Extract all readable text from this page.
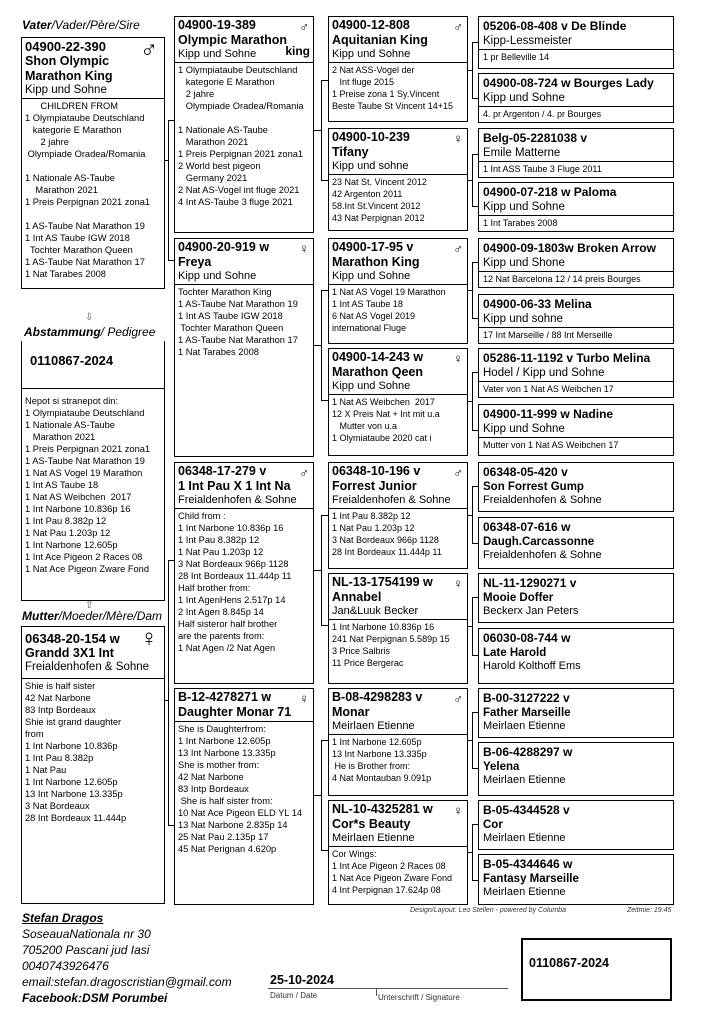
Vater/Vader/Père/Sire
Abstammung/ Pedigree
Mutter/Moeder/Mère/Dam
04900-22-390
Shon Olympic Marathon King
Kipp und Sohne
♂
CHILDREN FROM
1 Olympiataube Deutschland
kategorie E Marathon
2 jahre
Olympiade Oradea/Romania

1 Nationale AS-Taube
Marathon 2021
1 Preis Perpignan 2021 zona1

1 AS-Taube Nat Marathon 19
1 Int AS Taube IGW 2018
Tochter Marathon Queen
1 AS-Taube Nat Marathon 17
1 Nat Tarabes 2008
0110867-2024
Nepot si stranepot din:
1 Olympiataube Deutschland
1 Nationale AS-Taube
Marathon 2021
1 Preis Perpignan 2021 zona1
1 AS-Taube Nat Marathon 19
1 Nat AS Vogel 19 Marathon
1 Int AS Taube 18
1 Nat AS Weibchen  2017
1 Int Narbone 10.836p 16
1 Int Pau 8.382p 12
1 Nat Pau 1.203p 12
1 Int Narbone 12.605p
1 Int Ace Pigeon 2 Races 08
1 Nat Ace Pigeon Zware Fond
06348-20-154 w
Grandd 3X1 Int
Freialdenhofen & Sohne
♀
Shie is half sister
42 Nat Narbone
83 Intp Bordeaux
Shie ist grand daughter
from
1 Int Narbone 10.836p
1 Int Pau 8.382p
1 Nat Pau
1 Int Narbone 12.605p
13 Int Narbone 13.335p
3 Nat Bordeaux
28 Int Bordeaux 11.444p
04900-19-389
Olympic Marathon
Kipp und Sohne king
♂
1 Olympiataube Deutschland
kategorie E Marathon
2 jahre
Olympiade Oradea/Romania

1 Nationale AS-Taube
Marathon 2021
1 Preis Perpignan 2021 zona1
2 World best pigeon
Germany 2021
2 Nat AS-Vogel int fluge 2021
4 Int AS-Taube 3 fluge 2021
04900-20-919 w
Freya
Kipp und Sohne
♀
Tochter Marathon King
1 AS-Taube Nat Marathon 19
1 Int AS Taube IGW 2018
Tochter Marathon Queen
1 AS-Taube Nat Marathon 17
1 Nat Tarabes 2008
06348-17-279 v
1 Int Pau X 1 Int Na
Freialdenhofen & Sohne
♂
Child from :
1 Int Narbone 10.836p 16
1 Int Pau 8.382p 12
1 Nat Pau 1.203p 12
3 Nat Bordeaux 966p 1128
28 Int Bordeaux 11.444p 11
Half brother from:
1 Int AgenHens 2.517p 14
2 Int Agen 8.845p 14
Half sisteror half brother
are the parents from:
1 Nat Agen /2 Nat Agen
B-12-4278271 w
Daughter Monar 71
♀
She is Daughterfrom:
1 Int Narbone 12.605p
13 Int Narbone 13.335p
She is mother from:
42 Nat Narbone
83 Intp Bordeaux
She is half sister from:
10 Nat Ace Pigeon ELD YL 14
13 Nat Narbone 2.835p 14
25 Nat Pau 2.135p 17
45 Nat Perignan 4.620p
04900-12-808
Aquitanian King
Kipp und Sohne
♂
2 Nat ASS-Vogel der
Int fluge 2015
1 Preise zona 1 Sy.Vincent
Beste Taube St Vincent 14+15
04900-10-239
Tifany
Kipp und sohne
♀
23 Nat St. Vincent 2012
42 Argenton 2011
58.Int St.Vincent 2012
43 Nat Perpignan 2012
04900-17-95 v
Marathon King
Kipp und Sohne
♂
1 Nat AS Vogel 19 Marathon
1 Int AS Taube 18
6 Nat AS Vogel 2019
international Fluge
04900-14-243 w
Marathon Qeen
Kipp und Sohne
♀
1 Nat AS Weibchen  2017
12 X Preis Nat + Int mit u.a
Mutter von u.a
1 Olymiataube 2020 cat i
06348-10-196 v
Forrest Junior
Freialdenhofen & Sohne
♂
1 Int Pau 8.382p 12
1 Nat Pau 1.203p 12
3 Nat Bordeaux 966p 1128
28 Int Bordeaux 11.444p 11
NL-13-1754199 w
Annabel
Jan&Luuk Becker
♀
1 Int Narbone 10.836p 16
241 Nat Perpignan 5.589p 15
3 Price Salbris
11 Price Bergerac
B-08-4298283 v
Monar
Meirlaen Etienne
♂
1 Int Narbone 12.605p
13 Int Narbone 13.335p
He is Brother from:
4 Nat Montauban 9.091p
NL-10-4325281 w
Cor*s Beauty
Meirlaen Etienne
♀
Cor Wings:
1 Int Ace Pigeon 2 Races 08
1 Nat Ace Pigeon Zware Fond
4 Int Perpignan 17.624p 08
05206-08-408 v De Blinde
Kipp-Lessmeister
1 pr Belleville 14
04900-08-724 w Bourges Lady
Kipp und Sohne
4. pr Argenton / 4. pr Bourges
Belg-05-2281038 v
Emile Matterne
1 Int ASS Taube 3 Fluge 2011
04900-07-218 w Paloma
Kipp und Sohne
1 Int Tarabes 2008
04900-09-1803w Broken Arrow
Kipp und Shone
12 Nat Barcelona 12 / 14 preis Bourges
04900-06-33 Melina
Kipp und sohne
17 Int Marseille / 88 Int Merseille
05286-11-1192 v Turbo Melina
Hodel / Kipp und Sohne
Vater von 1 Nat AS Weibchen 17
04900-11-999 w Nadine
Kipp und Sohne
Mutter von 1 Nat AS Weibchen 17
06348-05-420 v
Son Forrest Gump
Freialdenhofen & Sohne
06348-07-616 w
Daugh.Carcassonne
Freialdenhofen & Sohne
NL-11-1290271 v
Mooie Doffer
Beckerx Jan Peters
06030-08-744 w
Late Harold
Harold Kolthoff Ems
B-00-3127222 v
Father Marseille
Meirlaen Etienne
B-06-4288297 w
Yelena
Meirlaen Etienne
B-05-4344528 v
Cor
Meirlaen Etienne
B-05-4344646 w
Fantasy Marseille
Meirlaen Etienne
⇩
⇧
Design/Layout: Leo Stellen - powered by Columba	Zeitmie: 19.45
Stefan Dragos
SoseauaNationala nr 30
705200 Pascani jud Iasi
0040743926476
email:stefan.dragoscristian@gmail.com
Facebook:DSM Porumbei
25-10-2024
Datum / Date	Unterschrift / Signature
0110867-2024
